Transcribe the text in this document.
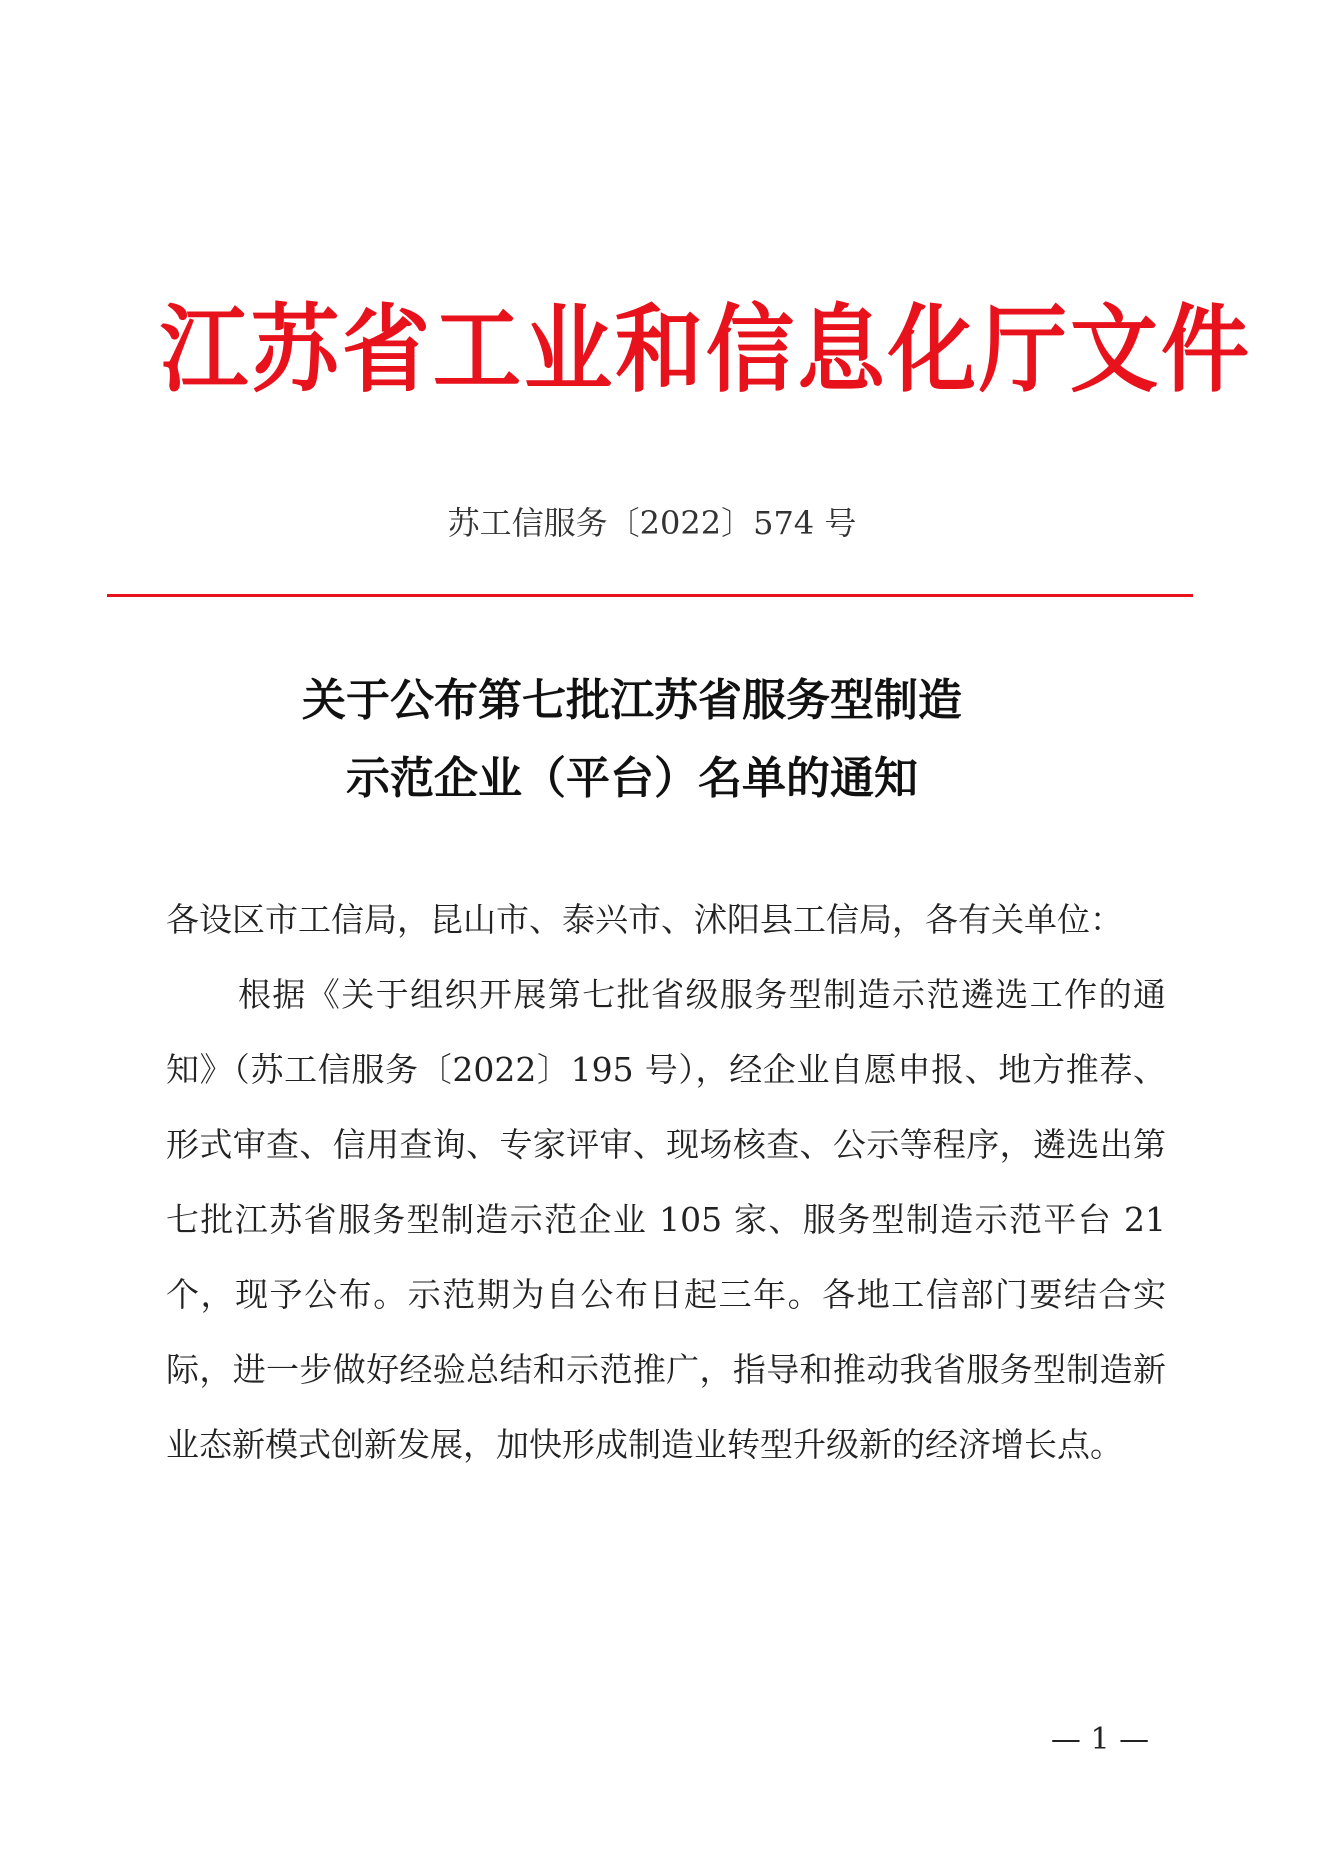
江苏省工业和信息化厅文件
苏工信服务〔2022〕574 号
关于公布第七批江苏省服务型制造
示范企业（平台）名单的通知

各设区市工信局，昆山市、泰兴市、沭阳县工信局，各有关单位：

根据《关于组织开展第七批省级服务型制造示范遴选工作的通知》（苏工信服务〔2022〕195 号），经企业自愿申报、地方推荐、形式审查、信用查询、专家评审、现场核查、公示等程序，遴选出第七批江苏省服务型制造示范企业 105 家、服务型制造示范平台 21 个，现予公布。示范期为自公布日起三年。各地工信部门要结合实际，进一步做好经验总结和示范推广，指导和推动我省服务型制造新业态新模式创新发展，加快形成制造业转型升级新的经济增长点。

— 1 —
